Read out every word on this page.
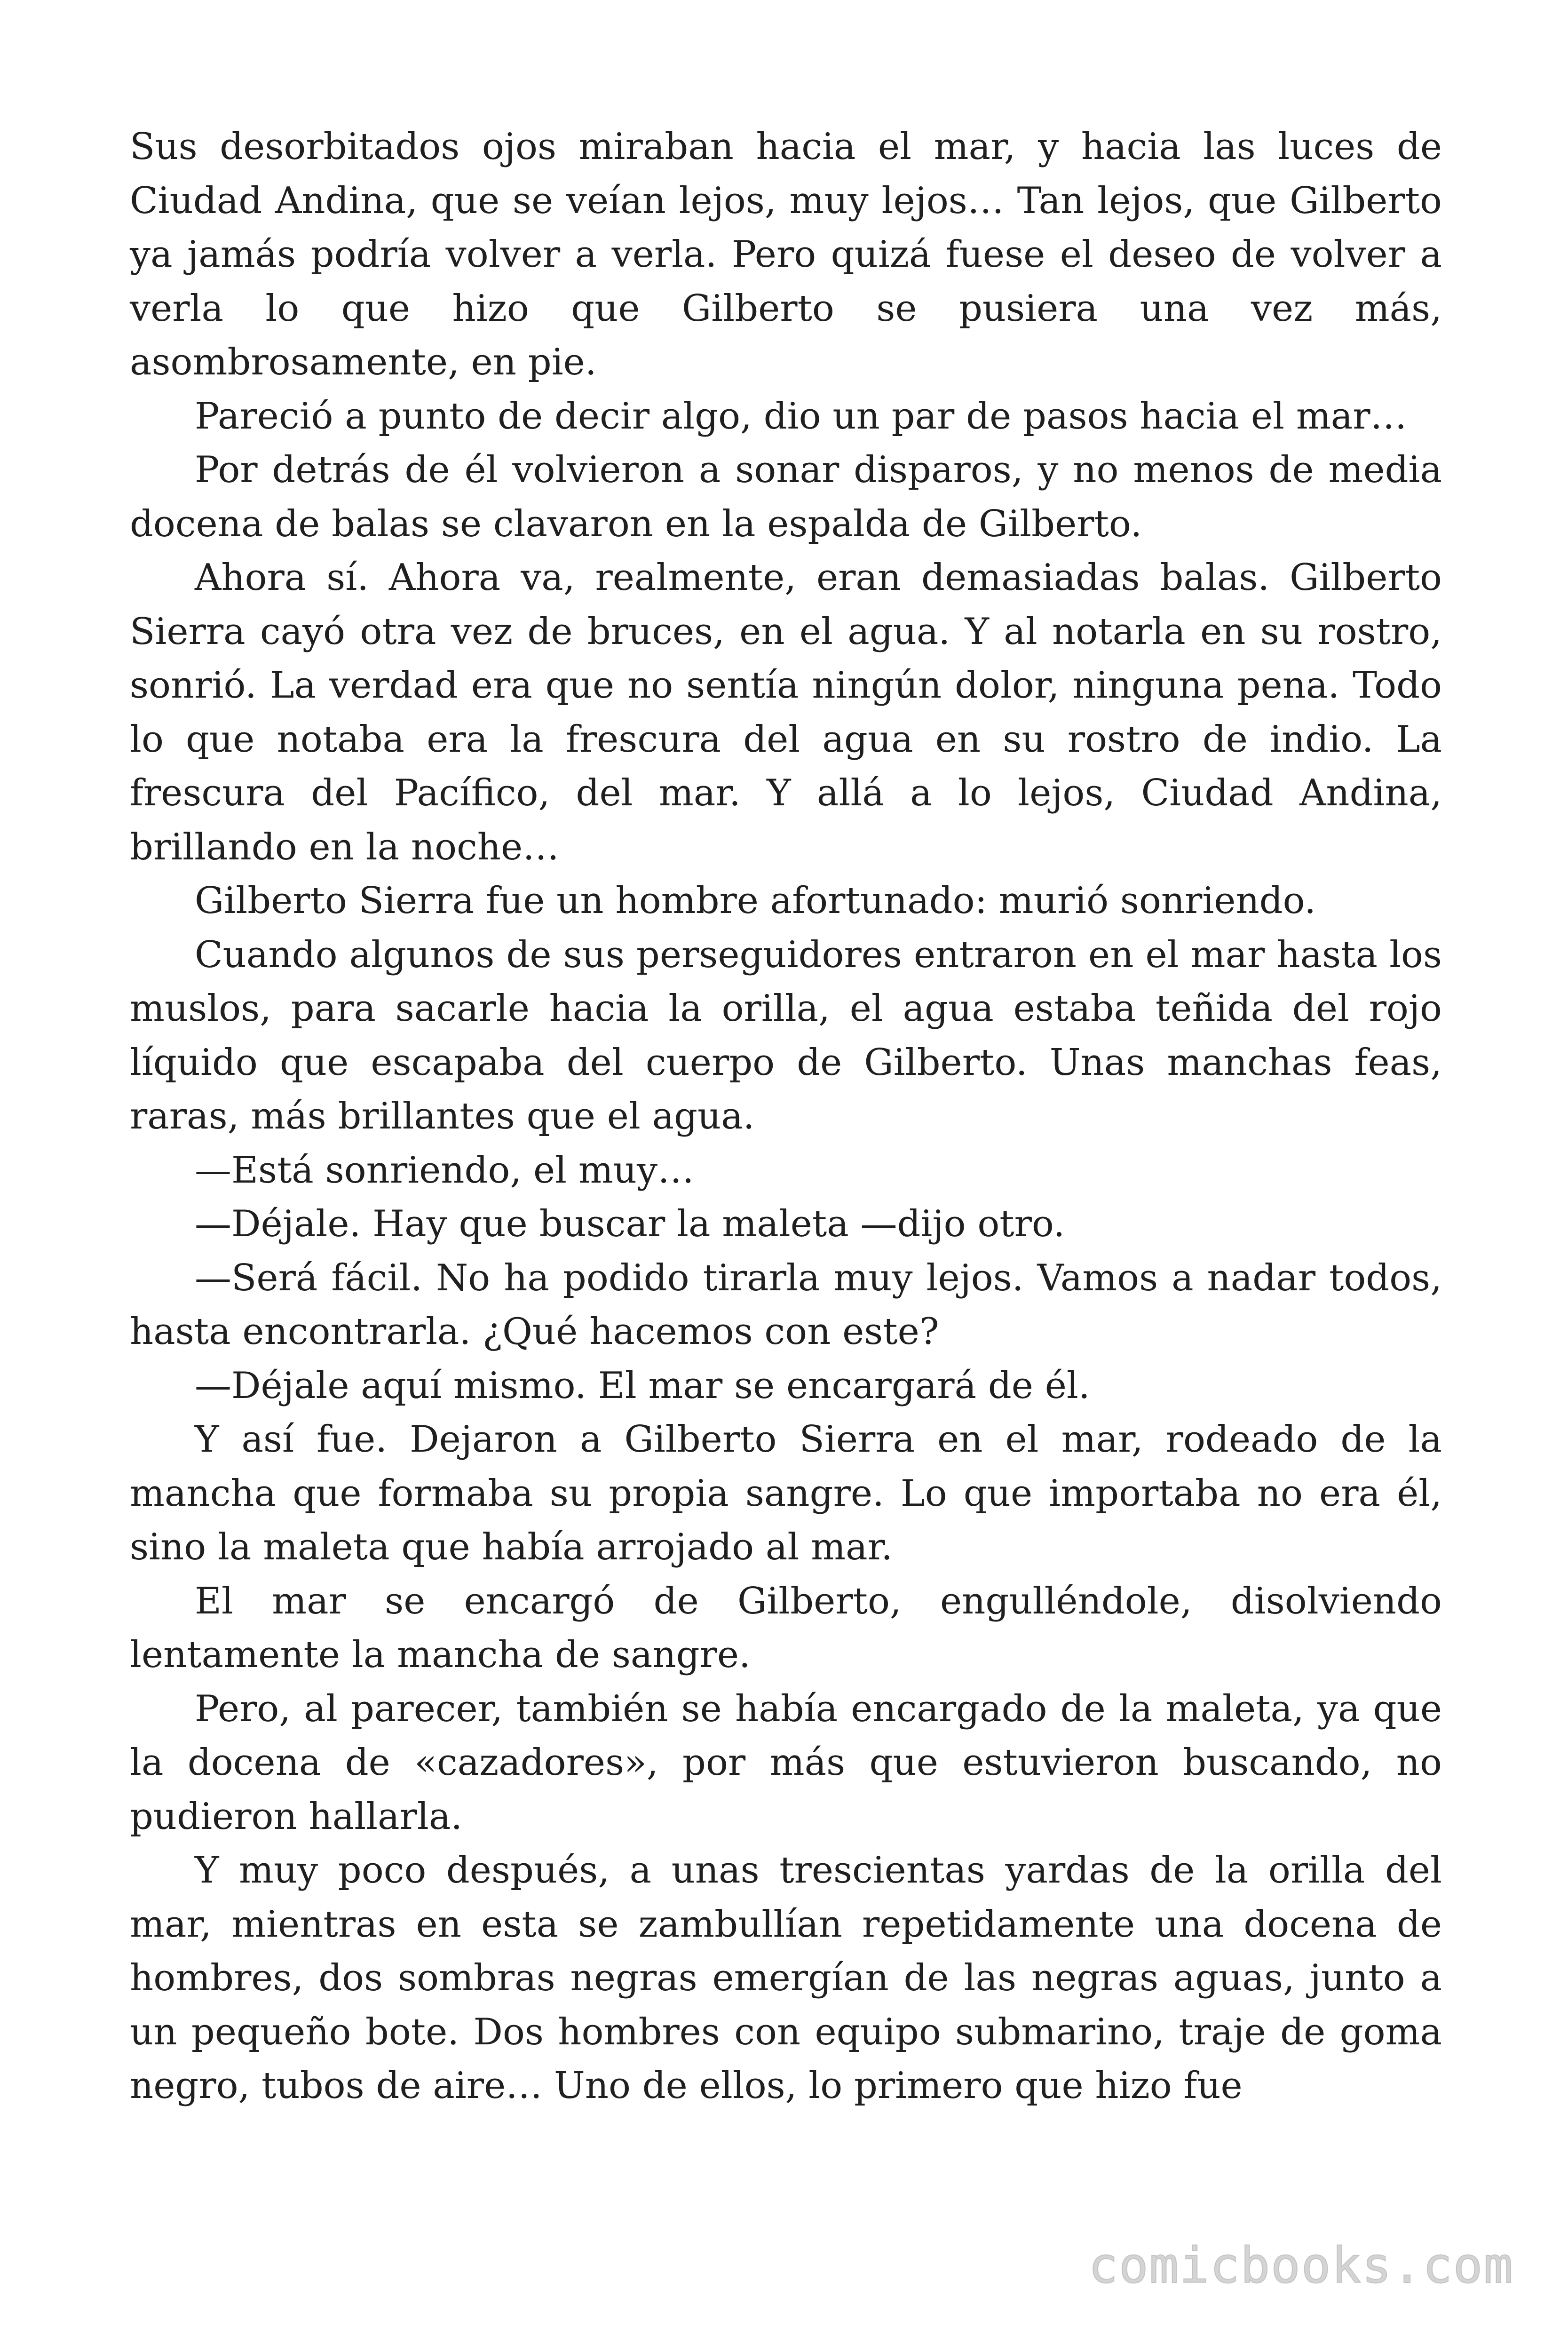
Sus desorbitados ojos miraban hacia el mar, y hacia las luces de Ciudad Andina, que se veían lejos, muy lejos… Tan lejos, que Gilberto ya jamás podría volver a verla. Pero quizá fuese el deseo de volver a verla lo que hizo que Gilberto se pusiera una vez más, asombrosamente, en pie.

Pareció a punto de decir algo, dio un par de pasos hacia el mar…

Por detrás de él volvieron a sonar disparos, y no menos de media docena de balas se clavaron en la espalda de Gilberto.

Ahora sí. Ahora va, realmente, eran demasiadas balas. Gilberto Sierra cayó otra vez de bruces, en el agua. Y al notarla en su rostro, sonrió. La verdad era que no sentía ningún dolor, ninguna pena. Todo lo que notaba era la frescura del agua en su rostro de indio. La frescura del Pacífico, del mar. Y allá a lo lejos, Ciudad Andina, brillando en la noche…

Gilberto Sierra fue un hombre afortunado: murió sonriendo.

Cuando algunos de sus perseguidores entraron en el mar hasta los muslos, para sacarle hacia la orilla, el agua estaba teñida del rojo líquido que escapaba del cuerpo de Gilberto. Unas manchas feas, raras, más brillantes que el agua.

—Está sonriendo, el muy…

—Déjale. Hay que buscar la maleta —dijo otro.

—Será fácil. No ha podido tirarla muy lejos. Vamos a nadar todos, hasta encontrarla. ¿Qué hacemos con este?

—Déjale aquí mismo. El mar se encargará de él.

Y así fue. Dejaron a Gilberto Sierra en el mar, rodeado de la mancha que formaba su propia sangre. Lo que importaba no era él, sino la maleta que había arrojado al mar.

El mar se encargó de Gilberto, engulléndole, disolviendo lentamente la mancha de sangre.

Pero, al parecer, también se había encargado de la maleta, ya que la docena de «cazadores», por más que estuvieron buscando, no pudieron hallarla.

Y muy poco después, a unas trescientas yardas de la orilla del mar, mientras en esta se zambullían repetidamente una docena de hombres, dos sombras negras emergían de las negras aguas, junto a un pequeño bote. Dos hombres con equipo submarino, traje de goma negro, tubos de aire… Uno de ellos, lo primero que hizo fue

comicbooks.com
